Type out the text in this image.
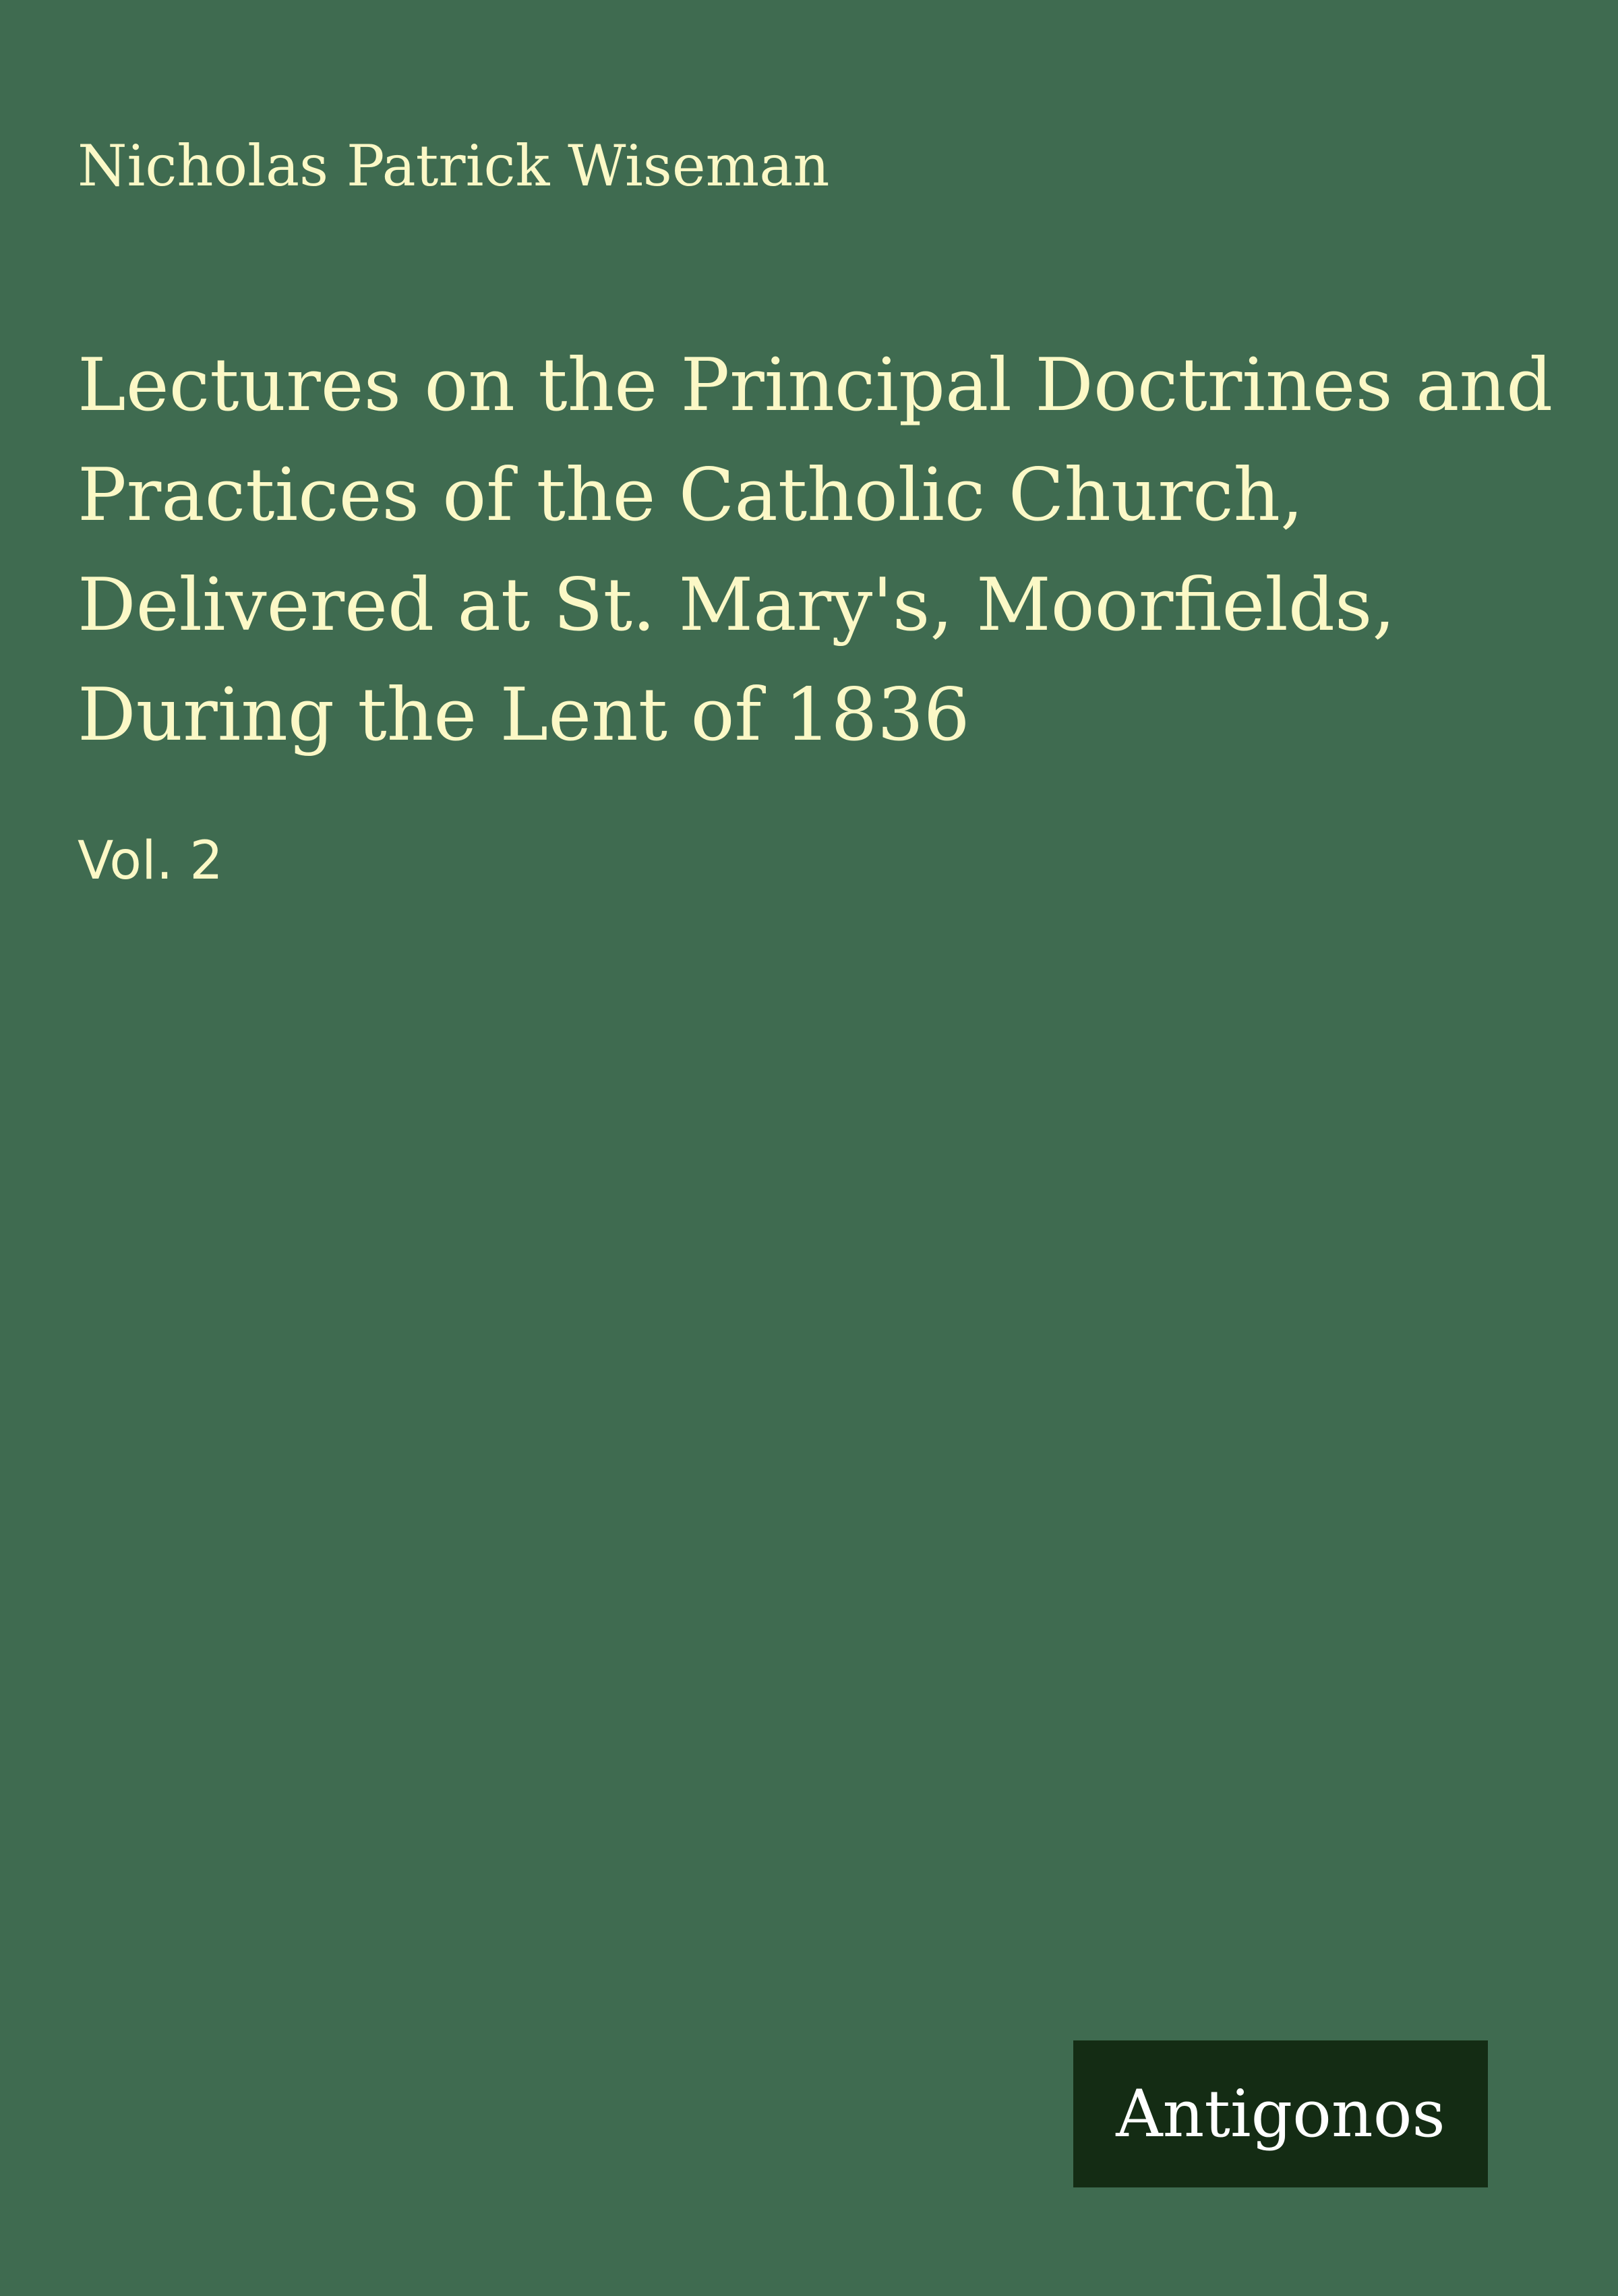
Nicholas Patrick Wiseman
Lectures on the Principal Doctrines and
Practices of the Catholic Church,
Delivered at St. Mary's, Moorfields,
During the Lent of 1836
Vol. 2
Antigonos
